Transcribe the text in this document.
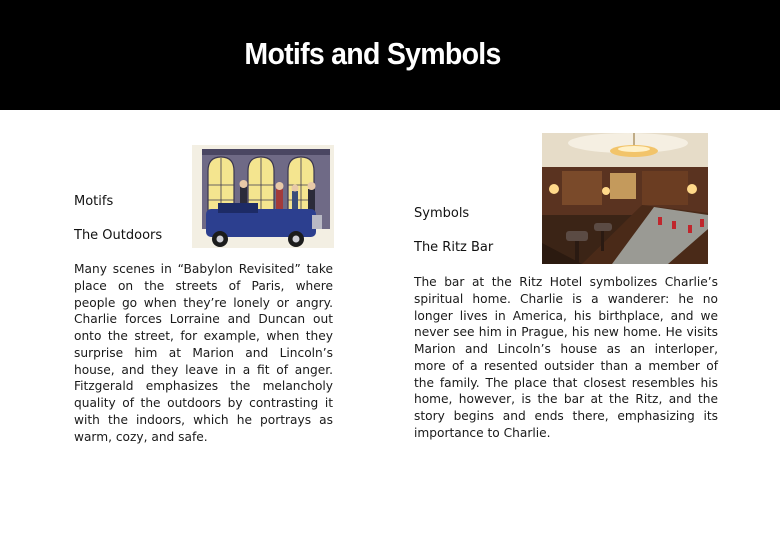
Motifs and Symbols
Motifs
The Outdoors

Many scenes in “Babylon Revisited” take place on the streets of Paris, where people go when they’re lonely or angry. Charlie forces Lorraine and Duncan out onto the street, for example, when they surprise him at Marion and Lincoln’s house, and they leave in a fit of anger. Fitzgerald emphasizes the melancholy quality of the outdoors by contrasting it with the indoors, which he portrays as warm, cozy, and safe.

Symbols
The Ritz Bar

The bar at the Ritz Hotel symbolizes Charlie’s spiritual home. Charlie is a wanderer: he no longer lives in America, his birthplace, and we never see him in Prague, his new home. He visits Marion and Lincoln’s house as an interloper, more of a resented outsider than a member of the family. The place that closest resembles his home, however, is the bar at the Ritz, and the story begins and ends there, emphasizing its importance to Charlie.
